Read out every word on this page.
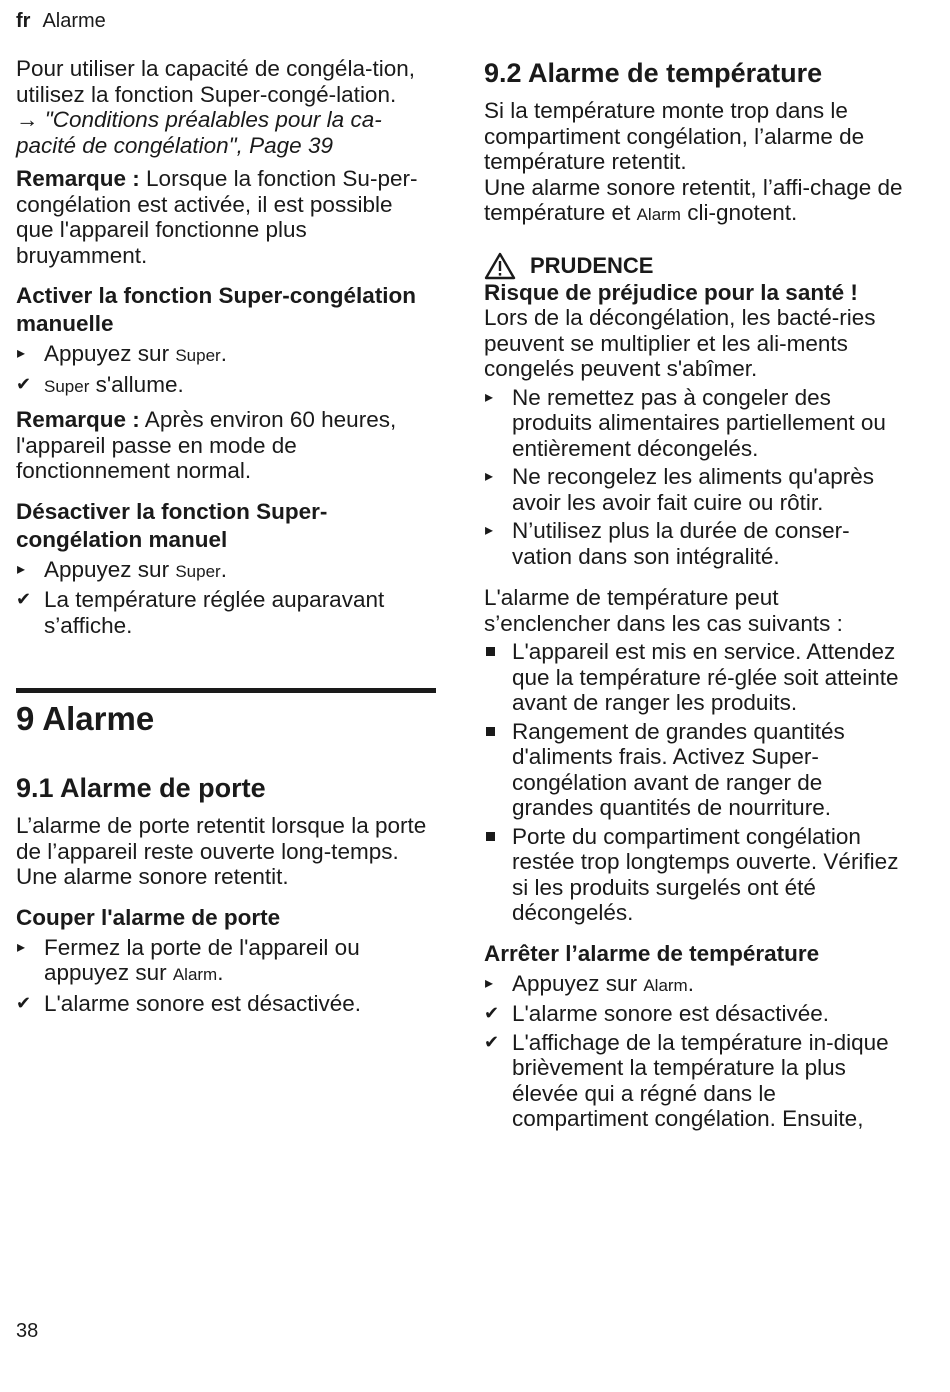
fr Alarme

Pour utiliser la capacité de congéla-tion, utilisez la fonction Super-congé-lation.

→ "Conditions préalables pour la ca-pacité de congélation", Page 39

Remarque : Lorsque la fonction Su-per-congélation est activée, il est possible que l'appareil fonctionne plus bruyamment.

Activer la fonction Super-congélation manuelle
▸ Appuyez sur Super.
✔ Super s'allume.

Remarque : Après environ 60 heures, l'appareil passe en mode de fonctionnement normal.

Désactiver la fonction Super-congélation manuel
▸ Appuyez sur Super.
✔ La température réglée auparavant s’affiche.
9 Alarme
9.1 Alarme de porte

L’alarme de porte retentit lorsque la porte de l’appareil reste ouverte long-temps.

Une alarme sonore retentit.

Couper l'alarme de porte
▸ Fermez la porte de l'appareil ou appuyez sur Alarm.
✔ L'alarme sonore est désactivée.
9.2 Alarme de température

Si la température monte trop dans le compartiment congélation, l’alarme de température retentit.

Une alarme sonore retentit, l’affi-chage de température et Alarm cli-gnotent.

PRUDENCE

Risque de préjudice pour la santé !

Lors de la décongélation, les bacté-ries peuvent se multiplier et les ali-ments congelés peuvent s'abîmer.

▸ Ne remettez pas à congeler des produits alimentaires partiellement ou entièrement décongelés.
▸ Ne recongelez les aliments qu'après avoir les avoir fait cuire ou rôtir.
▸ N’utilisez plus la durée de conser-vation dans son intégralité.

L'alarme de température peut s’enclencher dans les cas suivants :

L'appareil est mis en service. Attendez que la température ré-glée soit atteinte avant de ranger les produits.
Rangement de grandes quantités d'aliments frais. Activez Super-congélation avant de ranger de grandes quantités de nourriture.
Porte du compartiment congélation restée trop longtemps ouverte. Vérifiez si les produits surgelés ont été décongelés.
Arrêter l’alarme de température
▸ Appuyez sur Alarm.
✔ L'alarme sonore est désactivée.
✔ L'affichage de la température in-dique brièvement la température la plus élevée qui a régné dans le compartiment congélation. Ensuite,
38
